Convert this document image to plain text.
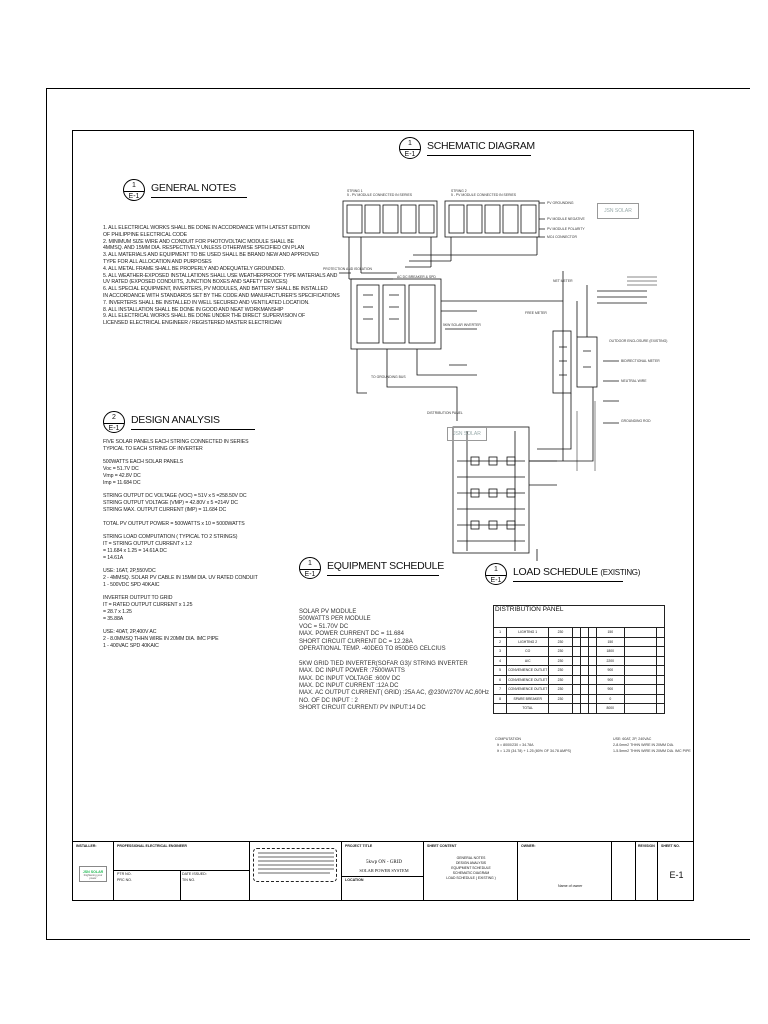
1
E-1
GENERAL NOTES
1. ALL ELECTRICAL WORKS SHALL BE DONE IN ACCORDANCE WITH LATEST EDITION
OF PHILIPPINE ELECTRICAL CODE
2. MINIMUM SIZE WIRE AND CONDUIT FOR PHOTOVOLTAIC MODULE SHALL BE
4MMSQ. AND 15MM DIA. RESPECTIVELY UNLESS OTHERWISE SPECIFIED ON PLAN
3. ALL MATERIALS AND EQUIPMENT TO BE USED SHALL BE BRAND NEW AND APPROVED
TYPE FOR ALL ALLOCATION AND PURPOSES
4. ALL METAL FRAME SHALL BE PROPERLY AND ADEQUATELY GROUNDED.
5. ALL WEATHER-EXPOSED INSTALLATIONS SHALL USE WEATHERPROOF TYPE MATERIALS AND
UV RATED (EXPOSED CONDUITS, JUNCTION BOXES AND SAFETY DEVICES)
6. ALL SPECIAL EQUIPMENT, INVERTERS, PV MODULES, AND BATTERY SHALL BE INSTALLED
IN ACCORDANCE WITH STANDARDS SET BY THE CODE AND MANUFACTURER'S SPECIFICATIONS
7. INVERTERS SHALL BE INSTALLED IN WELL SECURED AND VENTILATED LOCATION.
8. ALL INSTALLATION SHALL BE DONE IN GOOD AND NEAT WORKMANSHIP
9. ALL ELECTRICAL WORKS SHALL BE DONE UNDER THE DIRECT SUPERVISION OF
LICENSED ELECTRICAL ENGINEER / REGISTERED MASTER ELECTRICIAN
2
E-1
DESIGN ANALYSIS
FIVE SOLAR PANELS EACH STRING CONNECTED IN SERIES
TYPICAL TO EACH STRING OF INVERTER

500WATTS EACH SOLAR PANELS
Voc = 51.7V DC
Vmp = 42.8V DC
Imp = 11.684 DC

STRING OUTPUT DC VOLTAGE (VOC) = 51V x 5 =258.50V DC
STRING OUTPUT VOLTAGE (VMP) = 42.80V x 5 =214V DC
STRING MAX. OUTPUT CURRENT (IMP) = 11.684 DC

TOTAL PV OUTPUT POWER = 500WATTS x 10 = 5000WATTS

STRING LOAD COMPUTATION ( TYPICAL TO 2 STRINGS)
IT = STRING OUTPUT CURRENT x 1.2
= 11.684 x 1.25 = 14.61A DC
= 14.61A

USE: 16AT, 2P,550VDC
2 - 4MMSQ. SOLAR PV CABLE IN 15MM DIA. UV RATED CONDUIT
1 - 500VDC SPD 40KAIC

INVERTER OUTPUT TO GRID
IT = RATED OUTPUT CURRENT x 1.25
= 28.7 x 1.25
= 35.88A

USE: 40AT, 2P,400V AC
2 - 8.0MMSQ THHN WIRE IN 20MM DIA. IMC PIPE
1 - 400VAC SPD 40KAIC
1
E-1
SCHEMATIC DIAGRAM
STRING 1
5 - PV MODULE CONNECTED IN SERIES
STRING 2
5 - PV MODULE CONNECTED IN SERIES
PV GROUNDING
PV MODULE NEGATIVE
PV MODULE POLARITY
MC4 CONNECTOR
PROTECTION AND ISOLATION
AC DC BREAKER & SPD
5KW SOLAR INVERTER
DISTRIBUTION PANEL
TO GROUNDING BUS
FREE METER
NET METER
OUTDOOR ENCLOSURE (EXISTING)
BIDIRECTIONAL METER
NEUTRAL WIRE
GROUNDING ROD
JSN SOLAR
JSN SOLAR
1
E-1
EQUIPMENT SCHEDULE
SOLAR PV MODULE
500WATTS PER MODULE
VOC = 51.70V DC
MAX. POWER CURRENT DC = 11.684
SHORT CIRCUIT CURRENT DC = 12.28A
OPERATIONAL TEMP. -40DEG TO 850DEG CELCIUS

5KW GRID TIED INVERTER(SOFAR G3)/ STRING INVERTER
MAX. DC INPUT POWER :7500WATTS
MAX. DC INPUT VOLTAGE :600V DC
MAX. DC INPUT CURRENT :12A DC
MAX. AC OUTPUT CURRENT( GRID) :25A AC, @230V/270V AC,60Hz
NO. OF DC INPUT : 2
SHORT CIRCUIT CURRENT/ PV INPUT:14 DC
1
E-1
LOAD SCHEDULE (EXISTING)

1	LIGHTING 1	230				150		
2	LIGHTING 2	230				150		
3	CO	230				1800		
4	A/C	230				2200		
5	CONVENIENCE OUTLET	230				900		
6	CONVENIENCE OUTLET	230				900		
7	CONVENIENCE OUTLET	230				900		
8	SPARE BREAKER	230				0		
	TOTAL					8000		
DISTRIBUTION PANEL
COMPUTATION
It = 8000/230 = 34.78A
It = 1.25 (34.78) + 1.25 (80% OF 34.78 AMPS)
USE: 60AT, 2P, 240VAC
2-8.0mm2 THHN WIRE IN 20MM DIA.
1-5.5mm2 THHN WIRE IN 20MM DIA. IMC PIPE
INSTALLER:
JSN SOLAR
brightening your power
PROFESSIONAL ELECTRICAL ENGINEER
PTR NO.
PRC NO.
DATE ISSUED:
TIN NO.
PROJECT TITLE
5kwp ON - GRID
SOLAR POWER SYSTEM
LOCATION
SHEET CONTENT
GENERAL NOTES
DESIGN ANALYSIS
EQUIPMENT SCHEDULE
SCHEMATIC DIAGRAM
LOAD SCHEDULE ( EXISTING )
OWNER:
Name of owner
REVISION SHEET NO.
E-1
